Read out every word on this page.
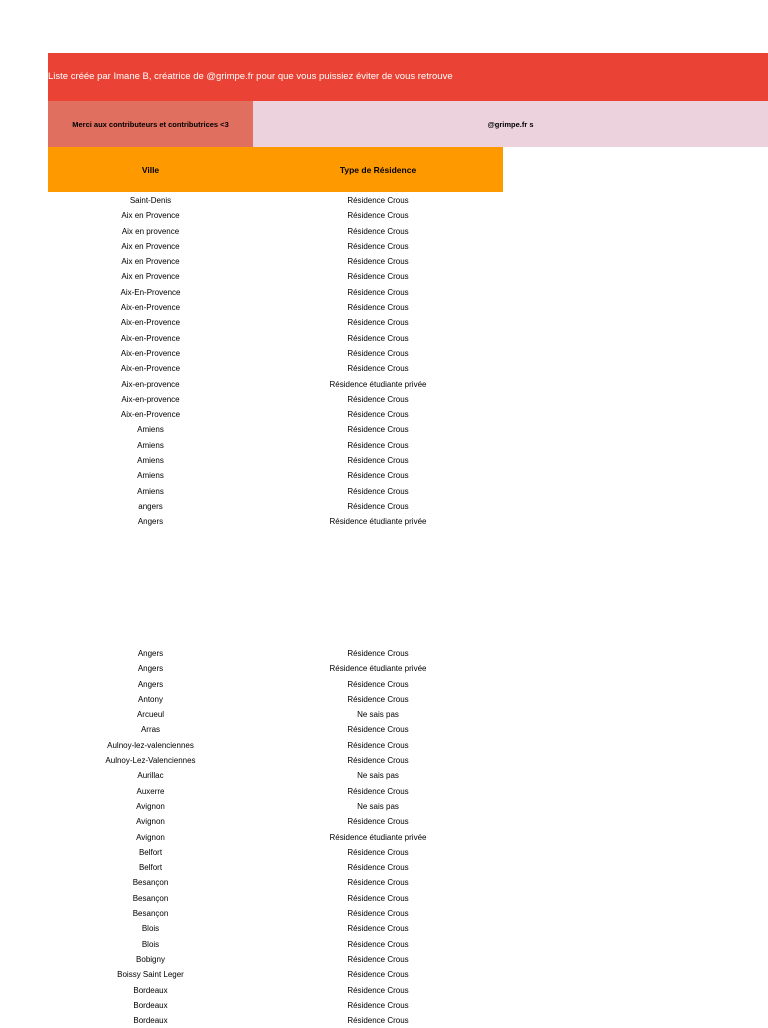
Liste créée par Imane B, créatrice de @grimpe.fr pour que vous puissiez éviter de vous retrouve
Merci aux contributeurs et contributrices <3	@grimpe.fr s
Ville	Type de Résidence
Saint-Denis	Résidence Crous
Aix en Provence	Résidence Crous
Aix en provence	Résidence Crous
Aix en Provence	Résidence Crous
Aix en Provence	Résidence Crous
Aix en Provence	Résidence Crous
Aix-En-Provence	Résidence Crous
Aix-en-Provence	Résidence Crous
Aix-en-Provence	Résidence Crous
Aix-en-Provence	Résidence Crous
Aix-en-Provence	Résidence Crous
Aix-en-Provence	Résidence Crous
Aix-en-provence	Résidence étudiante privée
Aix-en-provence	Résidence Crous
Aix-en-Provence	Résidence Crous
Amiens	Résidence Crous
Amiens	Résidence Crous
Amiens	Résidence Crous
Amiens	Résidence Crous
Amiens	Résidence Crous
angers	Résidence Crous
Angers	Résidence étudiante privée
Angers	Résidence Crous
Angers	Résidence étudiante privée
Angers	Résidence Crous
Antony	Résidence Crous
Arcueul	Ne sais pas
Arras	Résidence Crous
Aulnoy-lez-valenciennes	Résidence Crous
Aulnoy-Lez-Valenciennes	Résidence Crous
Aurillac	Ne sais pas
Auxerre	Résidence Crous
Avignon	Ne sais pas
Avignon	Résidence Crous
Avignon	Résidence étudiante privée
Belfort	Résidence Crous
Belfort	Résidence Crous
Besançon	Résidence Crous
Besançon	Résidence Crous
Besançon	Résidence Crous
Blois	Résidence Crous
Blois	Résidence Crous
Bobigny	Résidence Crous
Boissy Saint Leger	Résidence Crous
Bordeaux	Résidence Crous
Bordeaux	Résidence Crous
Bordeaux	Résidence Crous
